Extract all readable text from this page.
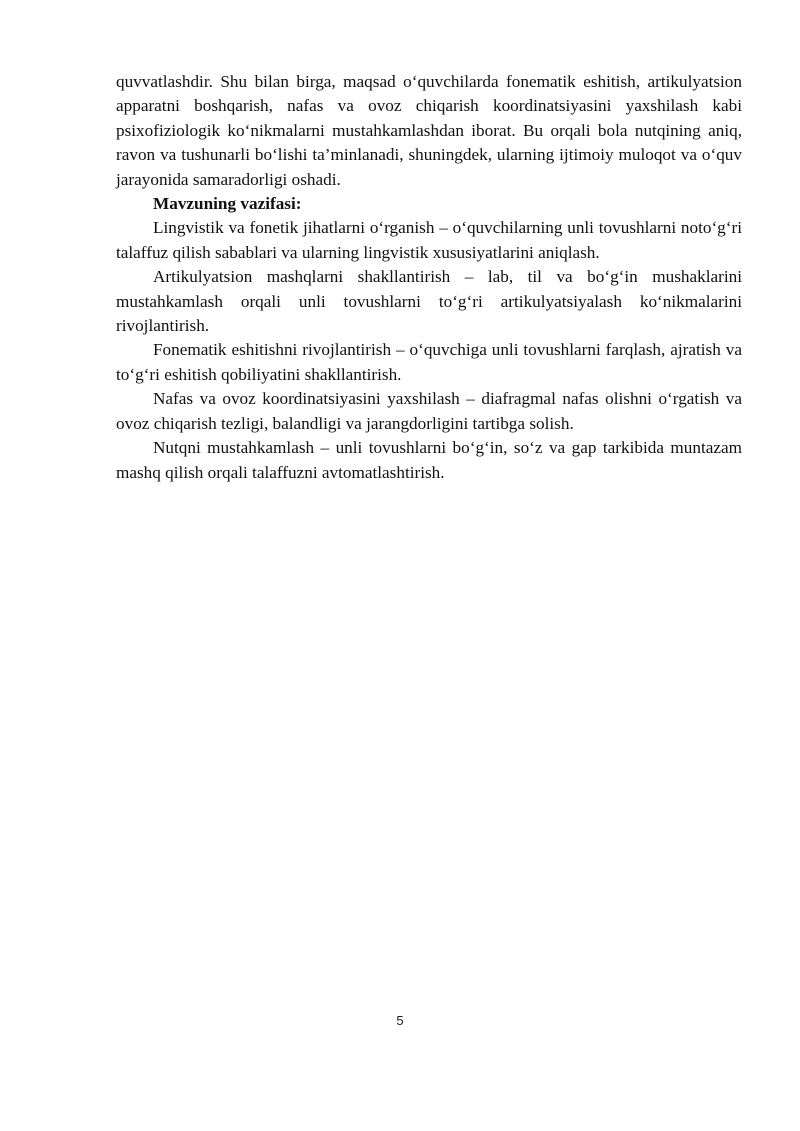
quvvatlashdir. Shu bilan birga, maqsad o‘quvchilarda fonematik eshitish, artikulyatsion apparatni boshqarish, nafas va ovoz chiqarish koordinatsiyasini yaxshilash kabi psixofiziologik ko‘nikmalarni mustahkamlashdan iborat. Bu orqali bola nutqining aniq, ravon va tushunarli bo‘lishi ta’minlanadi, shuningdek, ularning ijtimoiy muloqot va o‘quv jarayonida samaradorligi oshadi.

Mavzuning vazifasi:

Lingvistik va fonetik jihatlarni o‘rganish – o‘quvchilarning unli tovushlarni noto‘g‘ri talaffuz qilish sabablari va ularning lingvistik xususiyatlarini aniqlash.

Artikulyatsion mashqlarni shakllantirish – lab, til va bo‘g‘in mushaklarini mustahkamlash orqali unli tovushlarni to‘g‘ri artikulyatsiyalash ko‘nikmalarini rivojlantirish.

Fonematik eshitishni rivojlantirish – o‘quvchiga unli tovushlarni farqlash, ajratish va to‘g‘ri eshitish qobiliyatini shakllantirish.

Nafas va ovoz koordinatsiyasini yaxshilash – diafragmal nafas olishni o‘rgatish va ovoz chiqarish tezligi, balandligi va jarangdorligini tartibga solish.

Nutqni mustahkamlash – unli tovushlarni bo‘g‘in, so‘z va gap tarkibida muntazam mashq qilish orqali talaffuzni avtomatlashtirish.

5
